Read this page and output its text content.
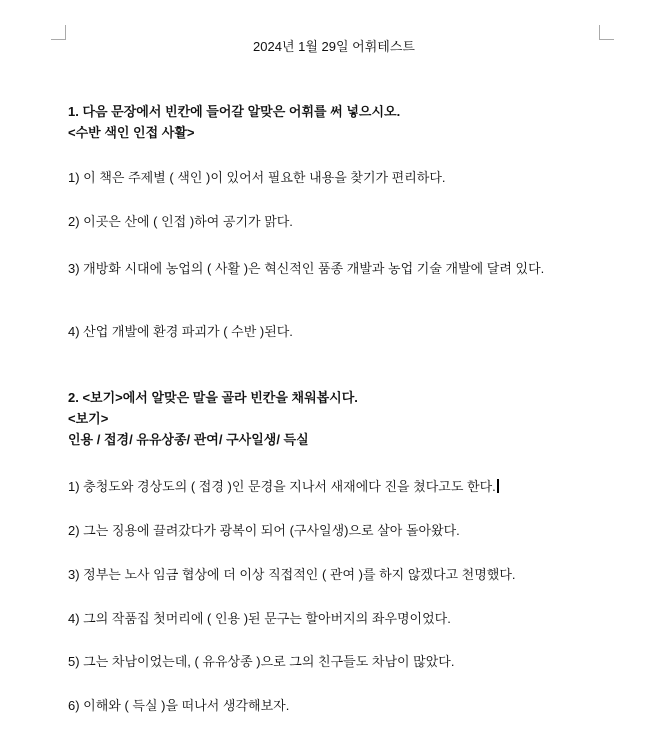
2024년 1월 29일 어휘테스트
1. 다음 문장에서 빈칸에 들어갈 알맞은 어휘를 써 넣으시오.
<수반 색인 인접 사활>
1) 이 책은 주제별 ( 색인 )이 있어서 필요한 내용을 찾기가 편리하다.
2) 이곳은 산에 ( 인접 )하여 공기가 맑다.
3) 개방화 시대에 농업의 ( 사활 )은 혁신적인 품종 개발과 농업 기술 개발에 달려 있다.
4) 산업 개발에 환경 파괴가 ( 수반 )된다.
2. <보기>에서 알맞은 말을 골라 빈칸을 채워봅시다.
<보기>
인용 / 접경/ 유유상종/ 관여/ 구사일생/ 득실
1) 충청도와 경상도의 ( 접경 )인 문경을 지나서 새재에다 진을 쳤다고도 한다.
2) 그는 징용에 끌려갔다가 광복이 되어 (구사일생)으로 살아 돌아왔다.
3) 정부는 노사 임금 협상에 더 이상 직접적인 ( 관여 )를 하지 않겠다고 천명했다.
4) 그의 작품집 첫머리에 ( 인용 )된 문구는 할아버지의 좌우명이었다.
5) 그는 차남이었는데, ( 유유상종 )으로 그의 친구들도 차남이 많았다.
6) 이해와 ( 득실 )을 떠나서 생각해보자.
